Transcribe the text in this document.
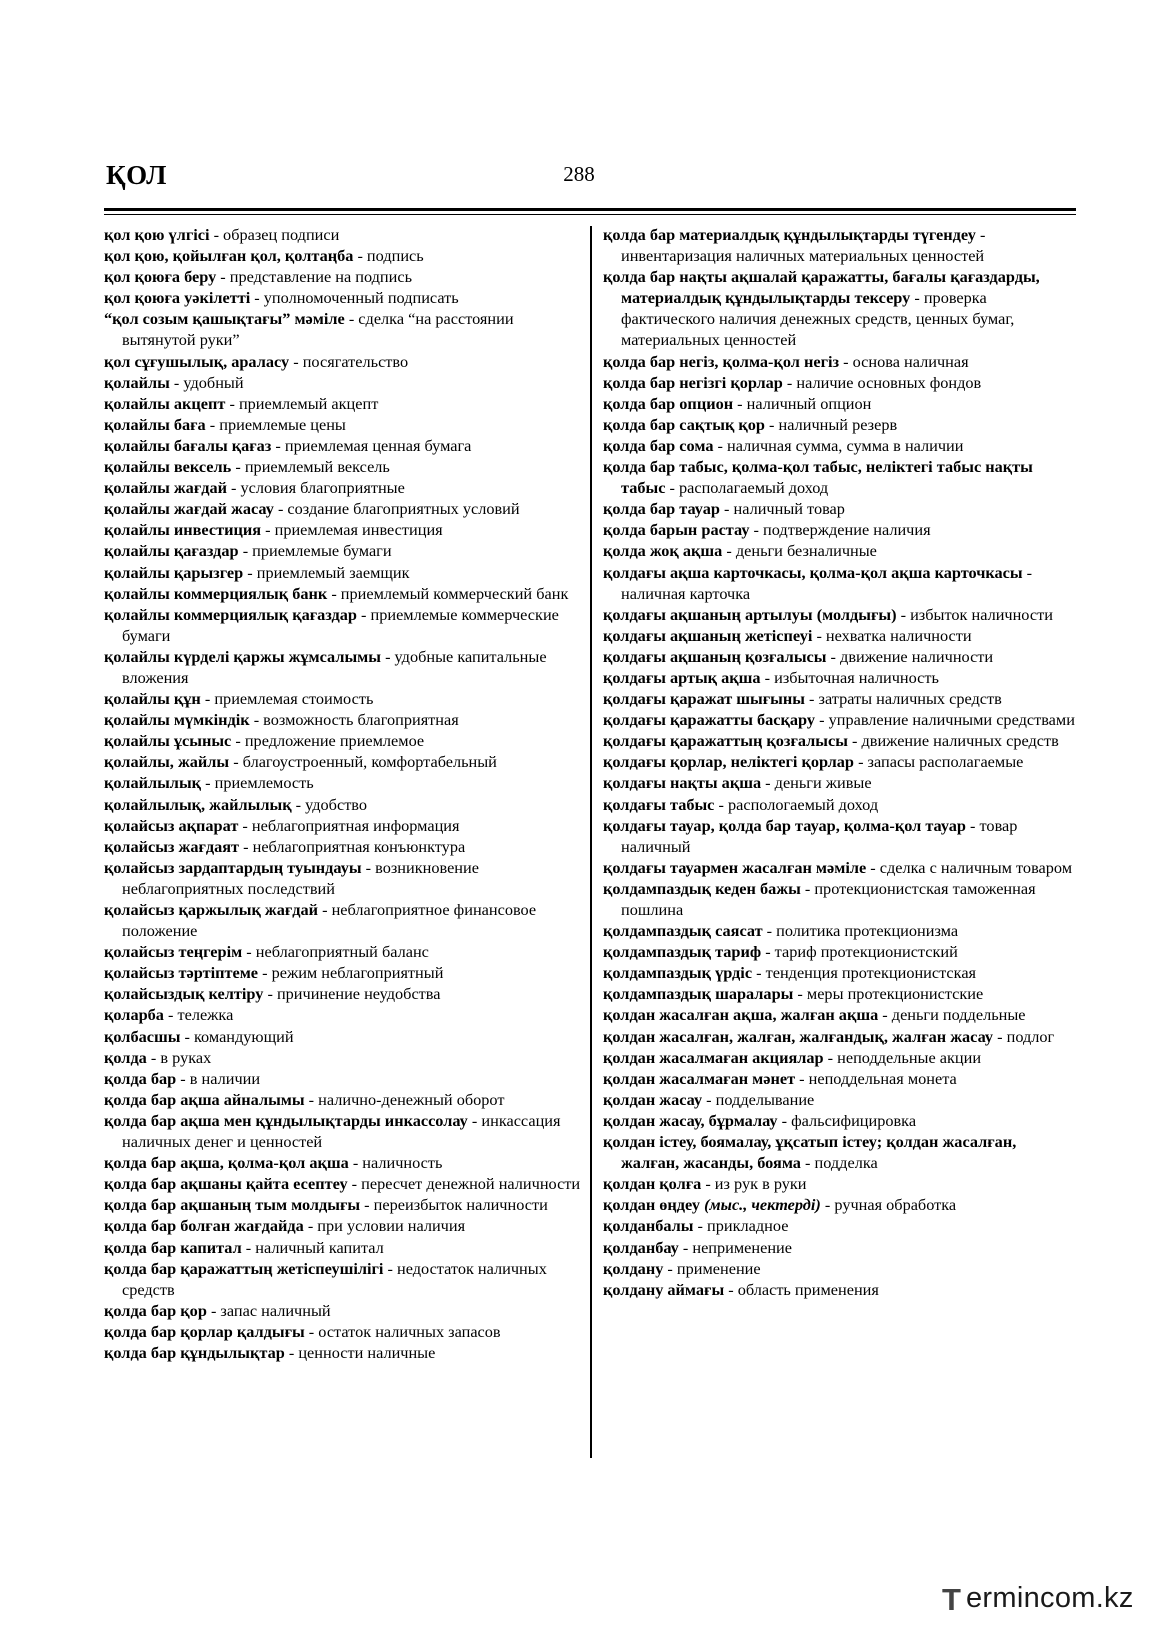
ҚОЛ	288

қол қою үлгісі - образец подписи

қол қою, қойылған қол, қолтаңба - подпись

қол қоюға беру - представление на подпись

қол қоюға уәкілетті - уполномоченный подписать

“қол созым қашықтағы” мәміле - сделка “на расстоянии вытянутой руки”

қол сұғушылық, араласу - посягательство

қолайлы - удобный

қолайлы акцепт - приемлемый акцепт

қолайлы баға - приемлемые цены

қолайлы бағалы қағаз - приемлемая ценная бумага

қолайлы вексель - приемлемый вексель

қолайлы жағдай - условия благоприятные

қолайлы жағдай жасау - создание благоприятных условий

қолайлы инвестиция - приемлемая инвестиция

қолайлы қағаздар - приемлемые бумаги

қолайлы қарызгер - приемлемый заемщик

қолайлы коммерциялық банк - приемлемый коммерческий банк

қолайлы коммерциялық қағаздар - приемлемые коммерческие бумаги

қолайлы күрделі қаржы жұмсалымы - удобные капитальные вложения

қолайлы құн - приемлемая стоимость

қолайлы мүмкіндік - возможность благоприятная

қолайлы ұсыныс - предложение приемлемое

қолайлы, жайлы - благоустроенный, комфортабельный

қолайлылық - приемлемость

қолайлылық, жайлылық - удобство

қолайсыз ақпарат - неблагоприятная информация

қолайсыз жағдаят - неблагоприятная конъюнктура

қолайсыз зардаптардың туындауы - возникновение неблагоприятных последствий

қолайсыз қаржылық жағдай - неблагоприятное финансовое положение

қолайсыз теңгерім - неблагоприятный баланс

қолайсыз тәртіптеме - режим неблагоприятный

қолайсыздық келтіру - причинение неудобства

қоларба - тележка

қолбасшы - командующий

қолда - в руках

қолда бар - в наличии

қолда бар ақша айналымы - налично-денежный оборот

қолда бар ақша мен құндылықтарды инкассолау - инкассация наличных денег и ценностей

қолда бар ақша, қолма-қол ақша - наличность

қолда бар ақшаны қайта есептеу - пересчет денежной наличности

қолда бар ақшаның тым молдығы - переизбыток наличности

қолда бар болған жағдайда - при условии наличия

қолда бар капитал - наличный капитал

қолда бар қаражаттың жетіспеушілігі - недостаток наличных средств

қолда бар қор - запас наличный

қолда бар қорлар қалдығы - остаток наличных запасов

қолда бар құндылықтар - ценности наличные

қолда бар материалдық құндылықтарды түгендеу - инвентаризация наличных материальных ценностей

қолда бар нақты ақшалай қаражатты, бағалы қағаздарды, материалдық құндылықтарды тексеру - проверка фактического наличия денежных средств, ценных бумаг, материальных ценностей

қолда бар негіз, қолма-қол негіз - основа наличная

қолда бар негізгі қорлар - наличие основных фондов

қолда бар опцион - наличный опцион

қолда бар сақтық қор - наличный резерв

қолда бар сома - наличная сумма, сумма в наличии

қолда бар табыс, қолма-қол табыс, неліктегі табыс нақты табыс - располагаемый доход

қолда бар тауар - наличный товар

қолда барын растау - подтверждение наличия

қолда жоқ ақша - деньги безналичные

қолдағы ақша карточкасы, қолма-қол ақша карточкасы - наличная карточка

қолдағы ақшаның артылуы (молдығы) - избыток наличности

қолдағы ақшаның жетіспеуі - нехватка наличности

қолдағы ақшаның қозғалысы - движение наличности

қолдағы артық ақша - избыточная наличность

қолдағы қаражат шығыны - затраты наличных средств

қолдағы қаражатты басқару - управление наличными средствами

қолдағы қаражаттың қозғалысы - движение наличных средств

қолдағы қорлар, неліктегі қорлар - запасы располагаемые

қолдағы нақты ақша - деньги живые

қолдағы табыс - распологаемый доход

қолдағы тауар, қолда бар тауар, қолма-қол тауар - товар наличный

қолдағы тауармен жасалған мәміле - сделка с наличным товаром

қолдампаздық кеден бажы - протекционистская таможенная пошлина

қолдампаздық саясат - политика протекционизма

қолдампаздық тариф - тариф протекционистский

қолдампаздық үрдіс - тенденция протекционистская

қолдампаздық шаралары - меры протекционистские

қолдан жасалған ақша, жалған ақша - деньги поддельные

қолдан жасалған, жалған, жалғандық, жалған жасау - подлог

қолдан жасалмаған акциялар - неподдельные акции

қолдан жасалмаған мәнет - неподдельная монета

қолдан жасау - подделывание

қолдан жасау, бұрмалау - фальсифицировка

қолдан істеу, боямалау, ұқсатып істеу; қолдан жасалған, жалған, жасанды, бояма - подделка

қолдан қолға - из рук в руки

қолдан өңдеу (мыс., чектерді) - ручная обработка

қолданбалы - прикладное

қолданбау - неприменение

қолдану - применение

қолдану аймағы - область применения

T ermincom.kz
